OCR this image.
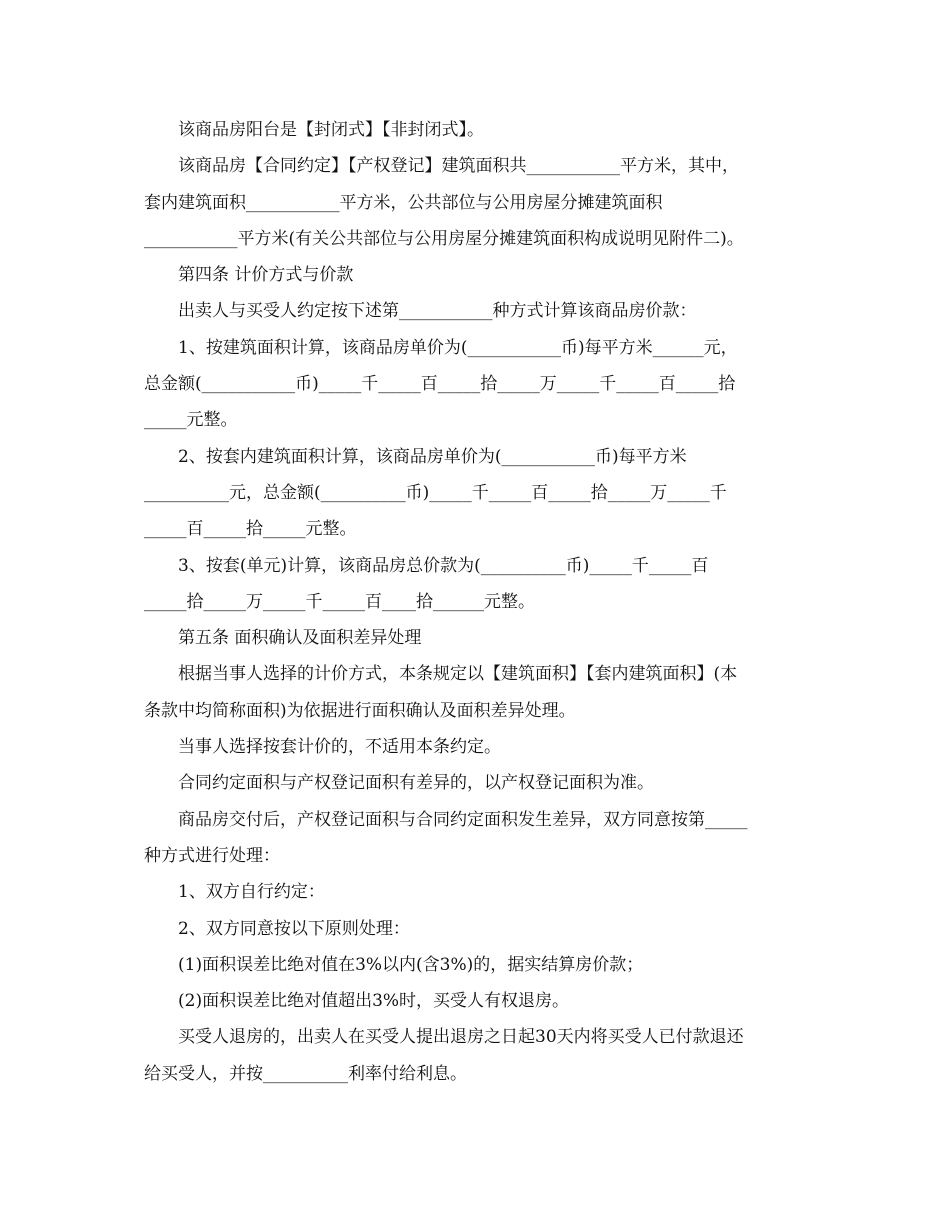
该商品房阳台是【封闭式】【非封闭式】。
该商品房【合同约定】【产权登记】建筑面积共___________平方米，其中，
套内建筑面积___________平方米，公共部位与公用房屋分摊建筑面积
___________平方米(有关公共部位与公用房屋分摊建筑面积构成说明见附件二)。
第四条 计价方式与价款
出卖人与买受人约定按下述第___________种方式计算该商品房价款：
1、按建筑面积计算，该商品房单价为(___________币)每平方米______元，
总金额(___________币)_____千_____百_____拾_____万_____千_____百_____拾
_____元整。
2、按套内建筑面积计算，该商品房单价为(___________币)每平方米
__________元，总金额(__________币)_____千_____百_____拾_____万_____千
_____百_____拾_____元整。
3、按套(单元)计算，该商品房总价款为(__________币)_____千_____百
_____拾_____万_____千_____百____拾______元整。
第五条 面积确认及面积差异处理
根据当事人选择的计价方式，本条规定以【建筑面积】【套内建筑面积】(本
条款中均简称面积)为依据进行面积确认及面积差异处理。
当事人选择按套计价的，不适用本条约定。
合同约定面积与产权登记面积有差异的，以产权登记面积为准。
商品房交付后，产权登记面积与合同约定面积发生差异，双方同意按第_____
种方式进行处理：
1、双方自行约定：
2、双方同意按以下原则处理：
(1)面积误差比绝对值在3%以内(含3%)的，据实结算房价款；
(2)面积误差比绝对值超出3%时，买受人有权退房。
买受人退房的，出卖人在买受人提出退房之日起30天内将买受人已付款退还
给买受人，并按__________利率付给利息。
